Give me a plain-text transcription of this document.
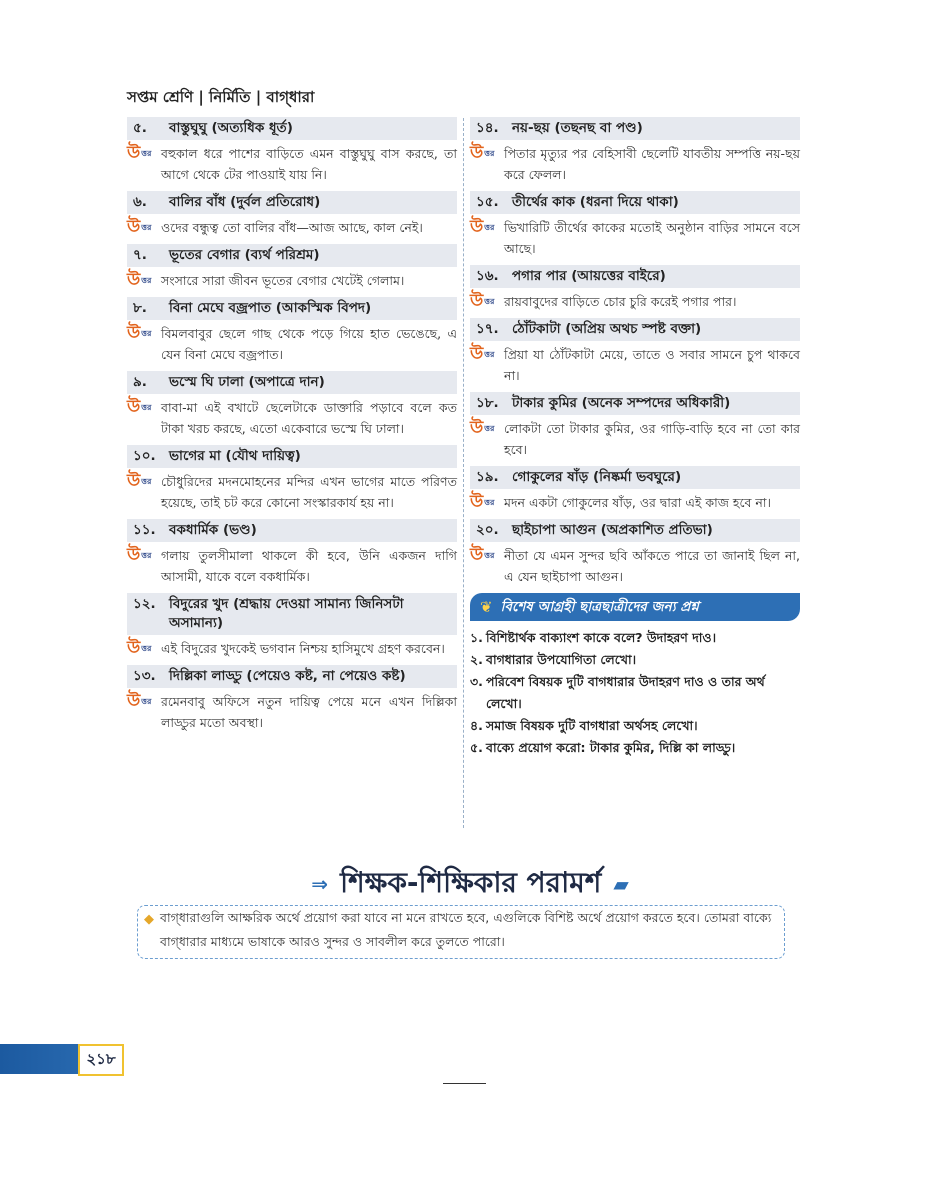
সপ্তম শ্রেণি | নির্মিতি | বাগ্‌ধারা
৫.	বাস্তুঘুঘু (অত্যধিক ধূর্ত)
উ ত্তর বহুকাল ধরে পাশের বাড়িতে এমন বাস্তুঘুঘু বাস করছে, তা আগে থেকে টের পাওয়াই যায় নি।
৬.	বালির বাঁধ (দুর্বল প্রতিরোধ)
উ ত্তর ওদের বন্ধুত্ব তো বালির বাঁধ—আজ আছে, কাল নেই।
৭.	ভূতের বেগার (ব্যর্থ পরিশ্রম)
উ ত্তর সংসারে সারা জীবন ভূতের বেগার খেটেই গেলাম।
৮.	বিনা মেঘে বজ্রপাত (আকস্মিক বিপদ)
উ ত্তর বিমলবাবুর ছেলে গাছ থেকে পড়ে গিয়ে হাত ভেঙেছে, এ যেন বিনা মেঘে বজ্রপাত।
৯.	ভস্মে ঘি ঢালা (অপাত্রে দান)
উ ত্তর বাবা-মা এই বখাটে ছেলেটাকে ডাক্তারি পড়াবে বলে কত টাকা খরচ করছে, এতো একেবারে ভস্মে ঘি ঢালা।
১০. ভাগের মা (যৌথ দায়িত্ব)
উ ত্তর চৌধুরিদের মদনমোহনের মন্দির এখন ভাগের মাতে পরিণত হয়েছে, তাই চট করে কোনো সংস্কারকার্য হয় না।
১১. বকধার্মিক (ভণ্ড)
উ ত্তর গলায় তুলসীমালা থাকলে কী হবে, উনি একজন দাগি আসামী, যাকে বলে বকধার্মিক।
১২. বিদুরের খুদ (শ্রদ্ধায় দেওয়া সামান্য জিনিসটা অসামান্য)
উ ত্তর এই বিদুরের খুদকেই ভগবান নিশ্চয় হাসিমুখে গ্রহণ করবেন।
১৩. দিল্লিকা লাড্ডু (পেয়েও কষ্ট, না পেয়েও কষ্ট)
উ ত্তর রমেনবাবু অফিসে নতুন দায়িত্ব পেয়ে মনে এখন দিল্লিকা লাড্ডুর মতো অবস্থা।
১৪. নয়-ছয় (তছনছ বা পণ্ড)
উ ত্তর পিতার মৃত্যুর পর বেহিসাবী ছেলেটি যাবতীয় সম্পত্তি নয়-ছয় করে ফেলল।
১৫. তীর্থের কাক (ধরনা দিয়ে থাকা)
উ ত্তর ভিখারিটি তীর্থের কাকের মতোই অনুষ্ঠান বাড়ির সামনে বসে আছে।
১৬. পগার পার (আয়ত্তের বাইরে)
উ ত্তর রায়বাবুদের বাড়িতে চোর চুরি করেই পগার পার।
১৭. ঠোঁটকাটা (অপ্রিয় অথচ স্পষ্ট বক্তা)
উ ত্তর প্রিয়া যা ঠোঁটকাটা মেয়ে, তাতে ও সবার সামনে চুপ থাকবে না।
১৮. টাকার কুমির (অনেক সম্পদের অধিকারী)
উ ত্তর লোকটা তো টাকার কুমির, ওর গাড়ি-বাড়ি হবে না তো কার হবে।
১৯. গোকুলের ষাঁড় (নিষ্কর্মা ভবঘুরে)
উ ত্তর মদন একটা গোকুলের ষাঁড়, ওর দ্বারা এই কাজ হবে না।
২০. ছাইচাপা আগুন (অপ্রকাশিত প্রতিভা)
উ ত্তর নীতা যে এমন সুন্দর ছবি আঁকতে পারে তা জানাই ছিল না, এ যেন ছাইচাপা আগুন।
❦ বিশেষ আগ্রহী ছাত্রছাত্রীদের জন্য প্রশ্ন
১. বিশিষ্টার্থক বাক্যাংশ কাকে বলে? উদাহরণ দাও।
২. বাগধারার উপযোগিতা লেখো।
৩. পরিবেশ বিষয়ক দুটি বাগধারার উদাহরণ দাও ও তার অর্থ লেখো।
৪. সমাজ বিষয়ক দুটি বাগধারা অর্থসহ লেখো।
৫. বাক্যে প্রয়োগ করো: টাকার কুমির, দিল্লি কা লাড্ডু।
⇒ শিক্ষক-শিক্ষিকার পরামর্শ ▰
◆ বাগ্‌ধারাগুলি আক্ষরিক অর্থে প্রয়োগ করা যাবে না মনে রাখতে হবে, এগুলিকে বিশিষ্ট অর্থে প্রয়োগ করতে হবে। তোমরা বাক্যে বাগ্‌ধারার মাধ্যমে ভাষাকে আরও সুন্দর ও সাবলীল করে তুলতে পারো।
২১৮
